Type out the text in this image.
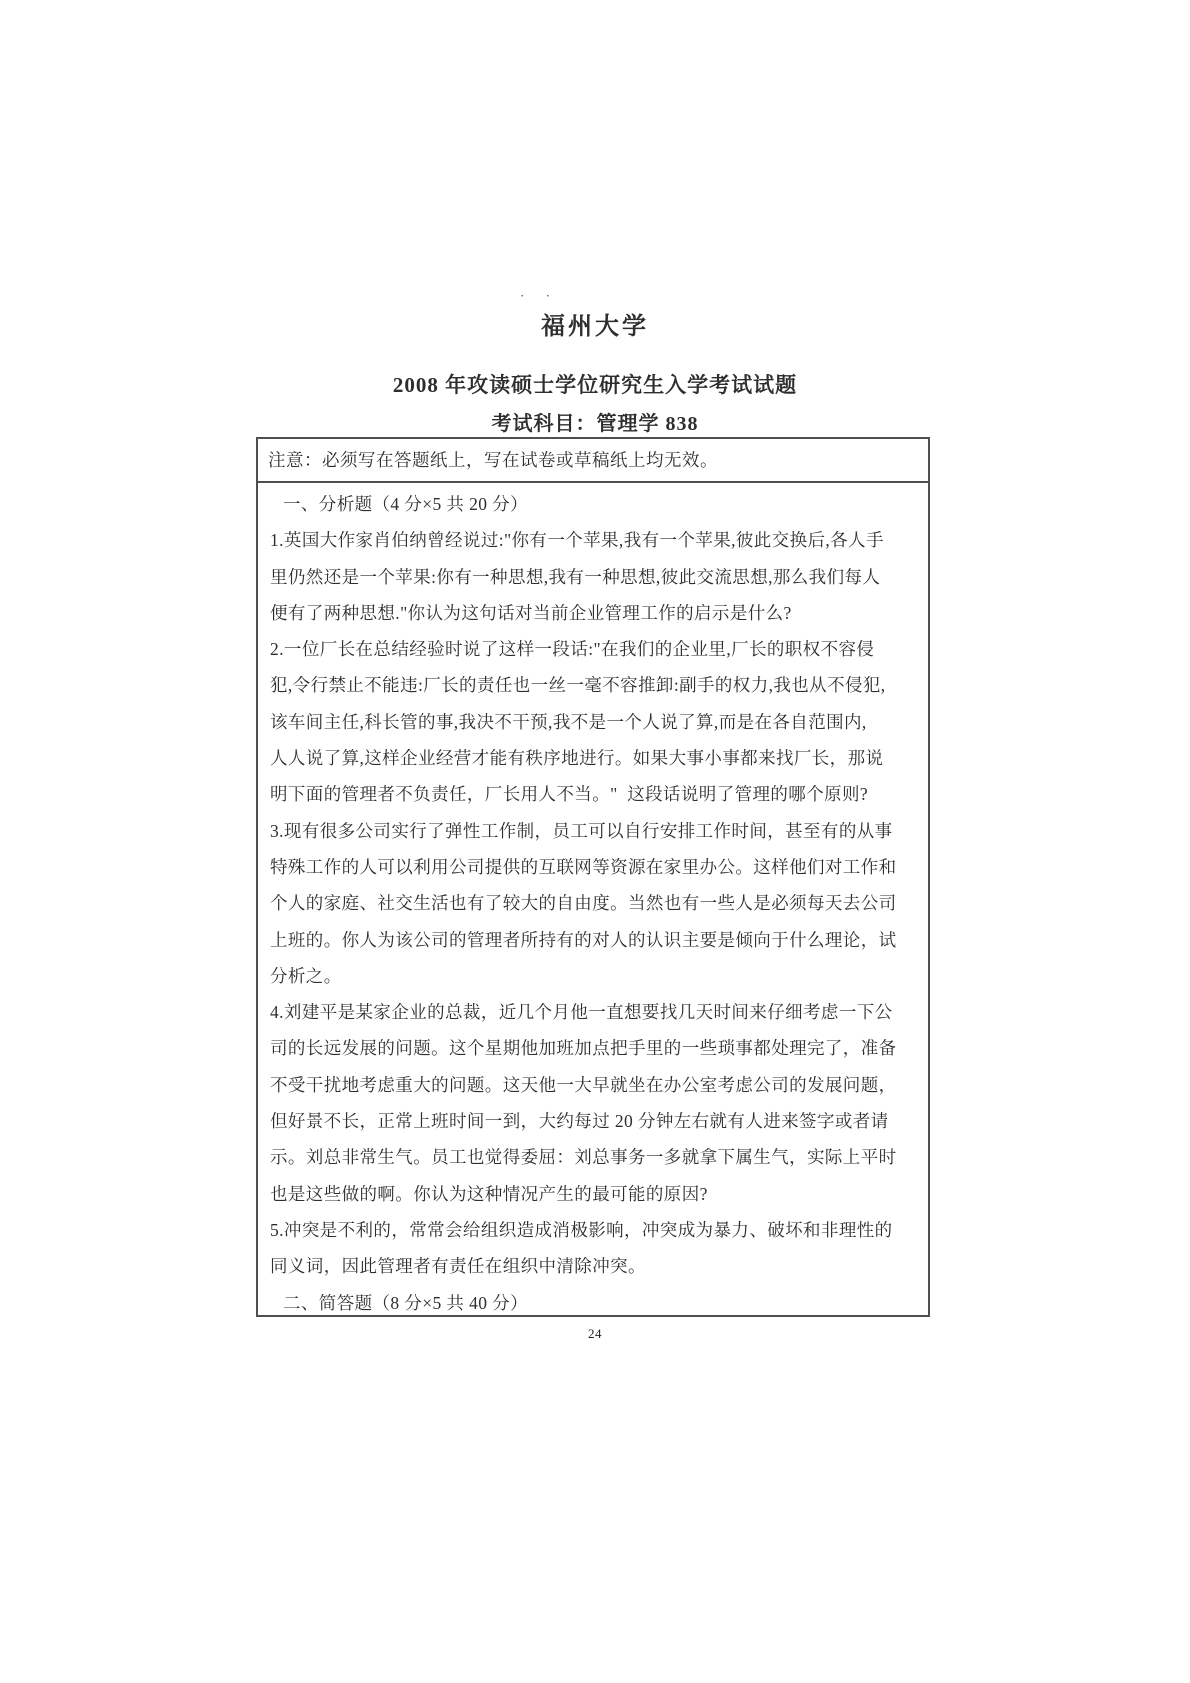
· ·
福州大学
2008 年攻读硕士学位研究生入学考试试题
考试科目：管理学 838
注意：必须写在答题纸上，写在试卷或草稿纸上均无效。
一、分析题（4 分×5 共 20 分）
1.英国大作家肖伯纳曾经说过:"你有一个苹果,我有一个苹果,彼此交换后,各人手
里仍然还是一个苹果:你有一种思想,我有一种思想,彼此交流思想,那么我们每人
便有了两种思想."你认为这句话对当前企业管理工作的启示是什么?
2.一位厂长在总结经验时说了这样一段话:"在我们的企业里,厂长的职权不容侵
犯,令行禁止不能违:厂长的责任也一丝一毫不容推卸:副手的权力,我也从不侵犯,
该车间主任,科长管的事,我决不干预,我不是一个人说了算,而是在各自范围内,
人人说了算,这样企业经营才能有秩序地进行。如果大事小事都来找厂长，那说
明下面的管理者不负责任，厂长用人不当。"  这段话说明了管理的哪个原则?
3.现有很多公司实行了弹性工作制，员工可以自行安排工作时间，甚至有的从事
特殊工作的人可以利用公司提供的互联网等资源在家里办公。这样他们对工作和
个人的家庭、社交生活也有了较大的自由度。当然也有一些人是必须每天去公司
上班的。你人为该公司的管理者所持有的对人的认识主要是倾向于什么理论，试
分析之。
4.刘建平是某家企业的总裁，近几个月他一直想要找几天时间来仔细考虑一下公
司的长远发展的问题。这个星期他加班加点把手里的一些琐事都处理完了，准备
不受干扰地考虑重大的问题。这天他一大早就坐在办公室考虑公司的发展问题，
但好景不长，正常上班时间一到，大约每过 20 分钟左右就有人进来签字或者请
示。刘总非常生气。员工也觉得委屈：刘总事务一多就拿下属生气，实际上平时
也是这些做的啊。你认为这种情况产生的最可能的原因?
5.冲突是不利的，常常会给组织造成消极影响，冲突成为暴力、破坏和非理性的
同义词，因此管理者有责任在组织中清除冲突。
二、简答题（8 分×5 共 40 分）
24
